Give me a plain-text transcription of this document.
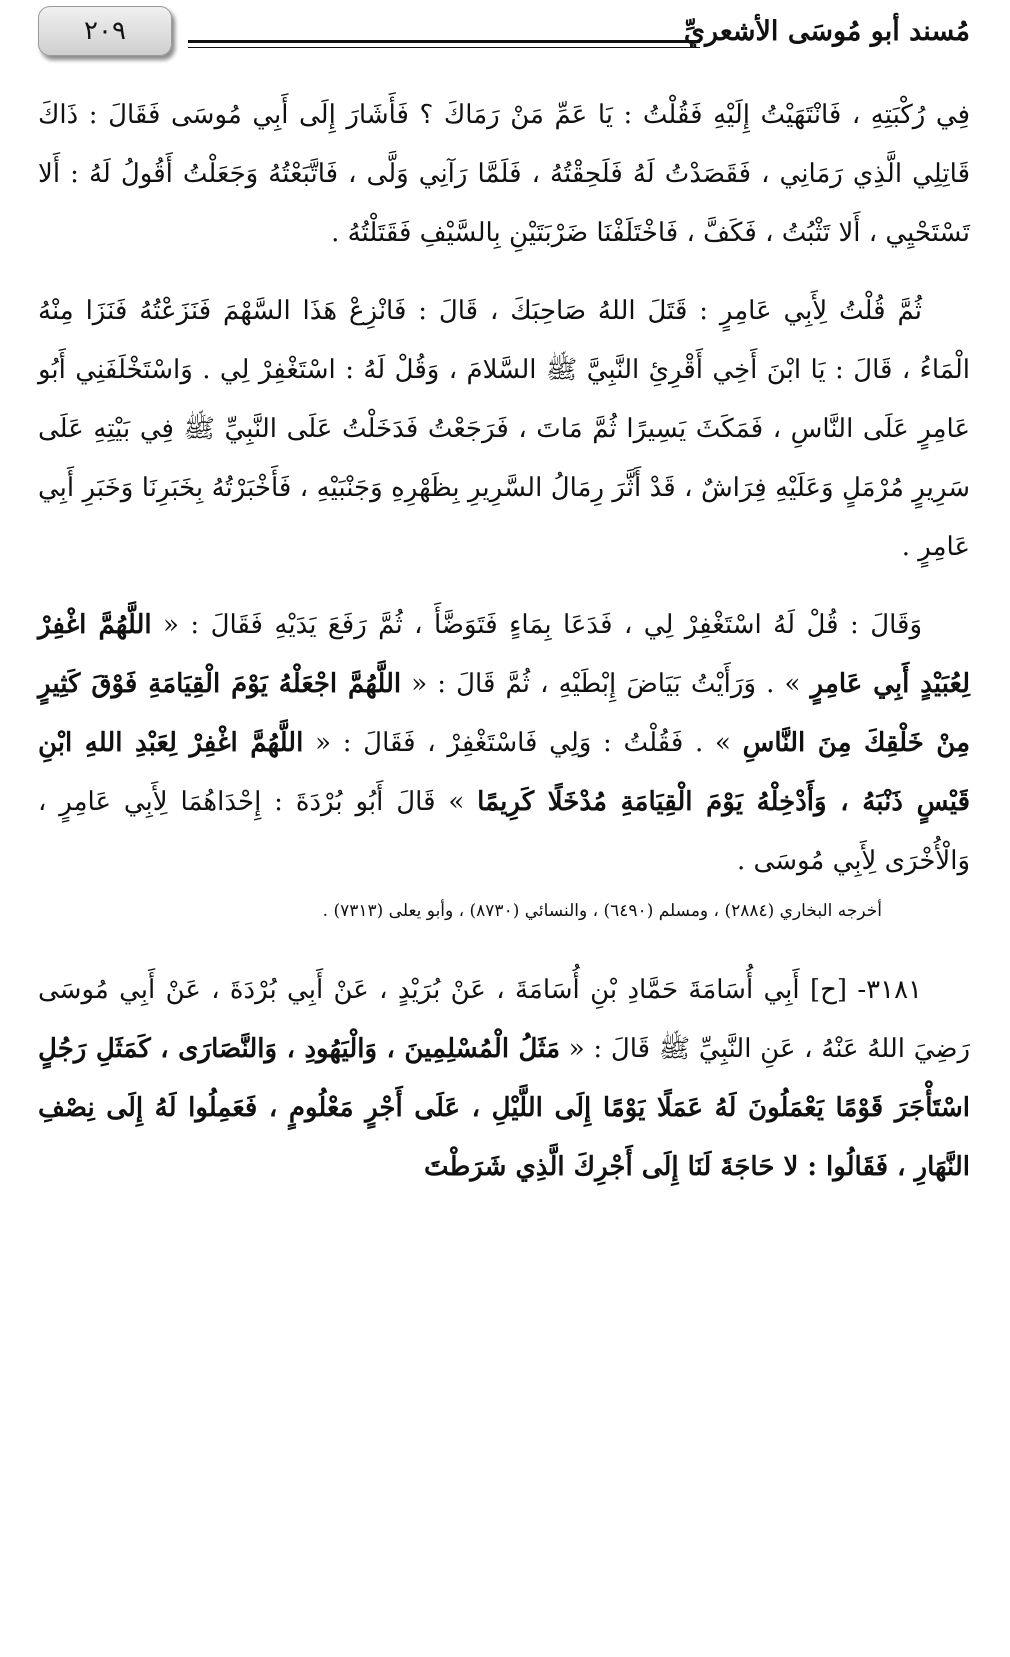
٢٠٩	مُسند أبو مُوسَى الأشعريِّ

فِي رُكْبَتِهِ ، فَانْتَهَيْتُ إِلَيْهِ فَقُلْتُ : يَا عَمِّ مَنْ رَمَاكَ ؟ فَأَشَارَ إِلَى أَبِي مُوسَى فَقَالَ : ذَاكَ قَاتِلِي الَّذِي رَمَانِي ، فَقَصَدْتُ لَهُ فَلَحِقْتُهُ ، فَلَمَّا رَآنِي وَلَّى ، فَاتَّبَعْتُهُ وَجَعَلْتُ أَقُولُ لَهُ : أَلا تَسْتَحْيِي ، أَلا تَثْبُتُ ، فَكَفَّ ، فَاخْتَلَفْنَا ضَرْبَتَيْنِ بِالسَّيْفِ فَقَتَلْتُهُ .

ثُمَّ قُلْتُ لِأَبِي عَامِرٍ : قَتَلَ اللهُ صَاحِبَكَ ، قَالَ : فَانْزِعْ هَذَا السَّهْمَ فَنَزَعْتُهُ فَنَزَا مِنْهُ الْمَاءُ ، قَالَ : يَا ابْنَ أَخِي أَقْرِئِ النَّبِيَّ ﷺ السَّلامَ ، وَقُلْ لَهُ : اسْتَغْفِرْ لِي . وَاسْتَخْلَفَنِي أَبُو عَامِرٍ عَلَى النَّاسِ ، فَمَكَثَ يَسِيرًا ثُمَّ مَاتَ ، فَرَجَعْتُ فَدَخَلْتُ عَلَى النَّبِيِّ ﷺ فِي بَيْتِهِ عَلَى سَرِيرٍ مُرْمَلٍ وَعَلَيْهِ فِرَاشٌ ، قَدْ أَثَّرَ رِمَالُ السَّرِيرِ بِظَهْرِهِ وَجَنْبَيْهِ ، فَأَخْبَرْتُهُ بِخَبَرِنَا وَخَبَرِ أَبِي عَامِرٍ .

وَقَالَ : قُلْ لَهُ اسْتَغْفِرْ لِي ، فَدَعَا بِمَاءٍ فَتَوَضَّأَ ، ثُمَّ رَفَعَ يَدَيْهِ فَقَالَ : « اللَّهُمَّ اغْفِرْ لِعُبَيْدٍ أَبِي عَامِرٍ » . وَرَأَيْتُ بَيَاضَ إِبْطَيْهِ ، ثُمَّ قَالَ : « اللَّهُمَّ اجْعَلْهُ يَوْمَ الْقِيَامَةِ فَوْقَ كَثِيرٍ مِنْ خَلْقِكَ مِنَ النَّاسِ » . فَقُلْتُ : وَلِي فَاسْتَغْفِرْ ، فَقَالَ : « اللَّهُمَّ اغْفِرْ لِعَبْدِ اللهِ ابْنِ قَيْسٍ ذَنْبَهُ ، وَأَدْخِلْهُ يَوْمَ الْقِيَامَةِ مُدْخَلًا كَرِيمًا » قَالَ أَبُو بُرْدَةَ : إِحْدَاهُمَا لِأَبِي عَامِرٍ ، وَالْأُخْرَى لِأَبِي مُوسَى .

أخرجه البخاري (٢٨٨٤) ، ومسلم (٦٤٩٠) ، والنسائي (٨٧٣٠) ، وأبو يعلى (٧٣١٣) .

٣١٨١- [ح] أَبِي أُسَامَةَ حَمَّادِ بْنِ أُسَامَةَ ، عَنْ بُرَيْدٍ ، عَنْ أَبِي بُرْدَةَ ، عَنْ أَبِي مُوسَى رَضِيَ اللهُ عَنْهُ ، عَنِ النَّبِيِّ ﷺ قَالَ : « مَثَلُ الْمُسْلِمِينَ ، وَالْيَهُودِ ، وَالنَّصَارَى ، كَمَثَلِ رَجُلٍ اسْتَأْجَرَ قَوْمًا يَعْمَلُونَ لَهُ عَمَلًا يَوْمًا إِلَى اللَّيْلِ ، عَلَى أَجْرٍ مَعْلُومٍ ، فَعَمِلُوا لَهُ إِلَى نِصْفِ النَّهَارِ ، فَقَالُوا : لا حَاجَةَ لَنَا إِلَى أَجْرِكَ الَّذِي شَرَطْتَ
